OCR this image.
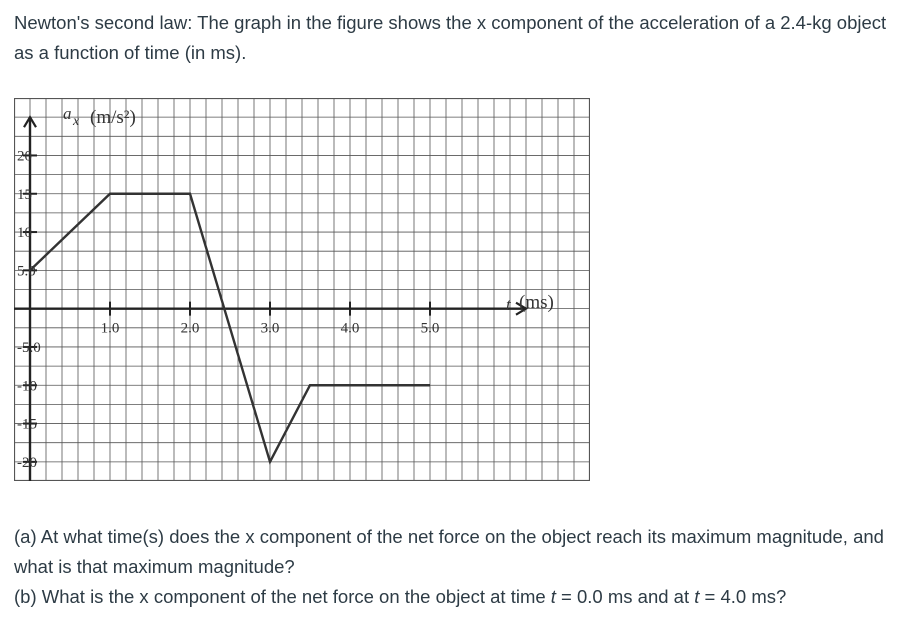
Newton's second law: The graph in the figure shows the x component of the acceleration of a 2.4-kg object as a function of time (in ms).

20
15
10
5.0
-5.0
-10
-15
-20
1.0	2.0	3.0	4.0	5.0
a x (m/s²)
t (ms)

(a) At what time(s) does the x component of the net force on the object reach its maximum magnitude, and what is that maximum magnitude?

(b) What is the x component of the net force on the object at time t = 0.0 ms and at t = 4.0 ms?
